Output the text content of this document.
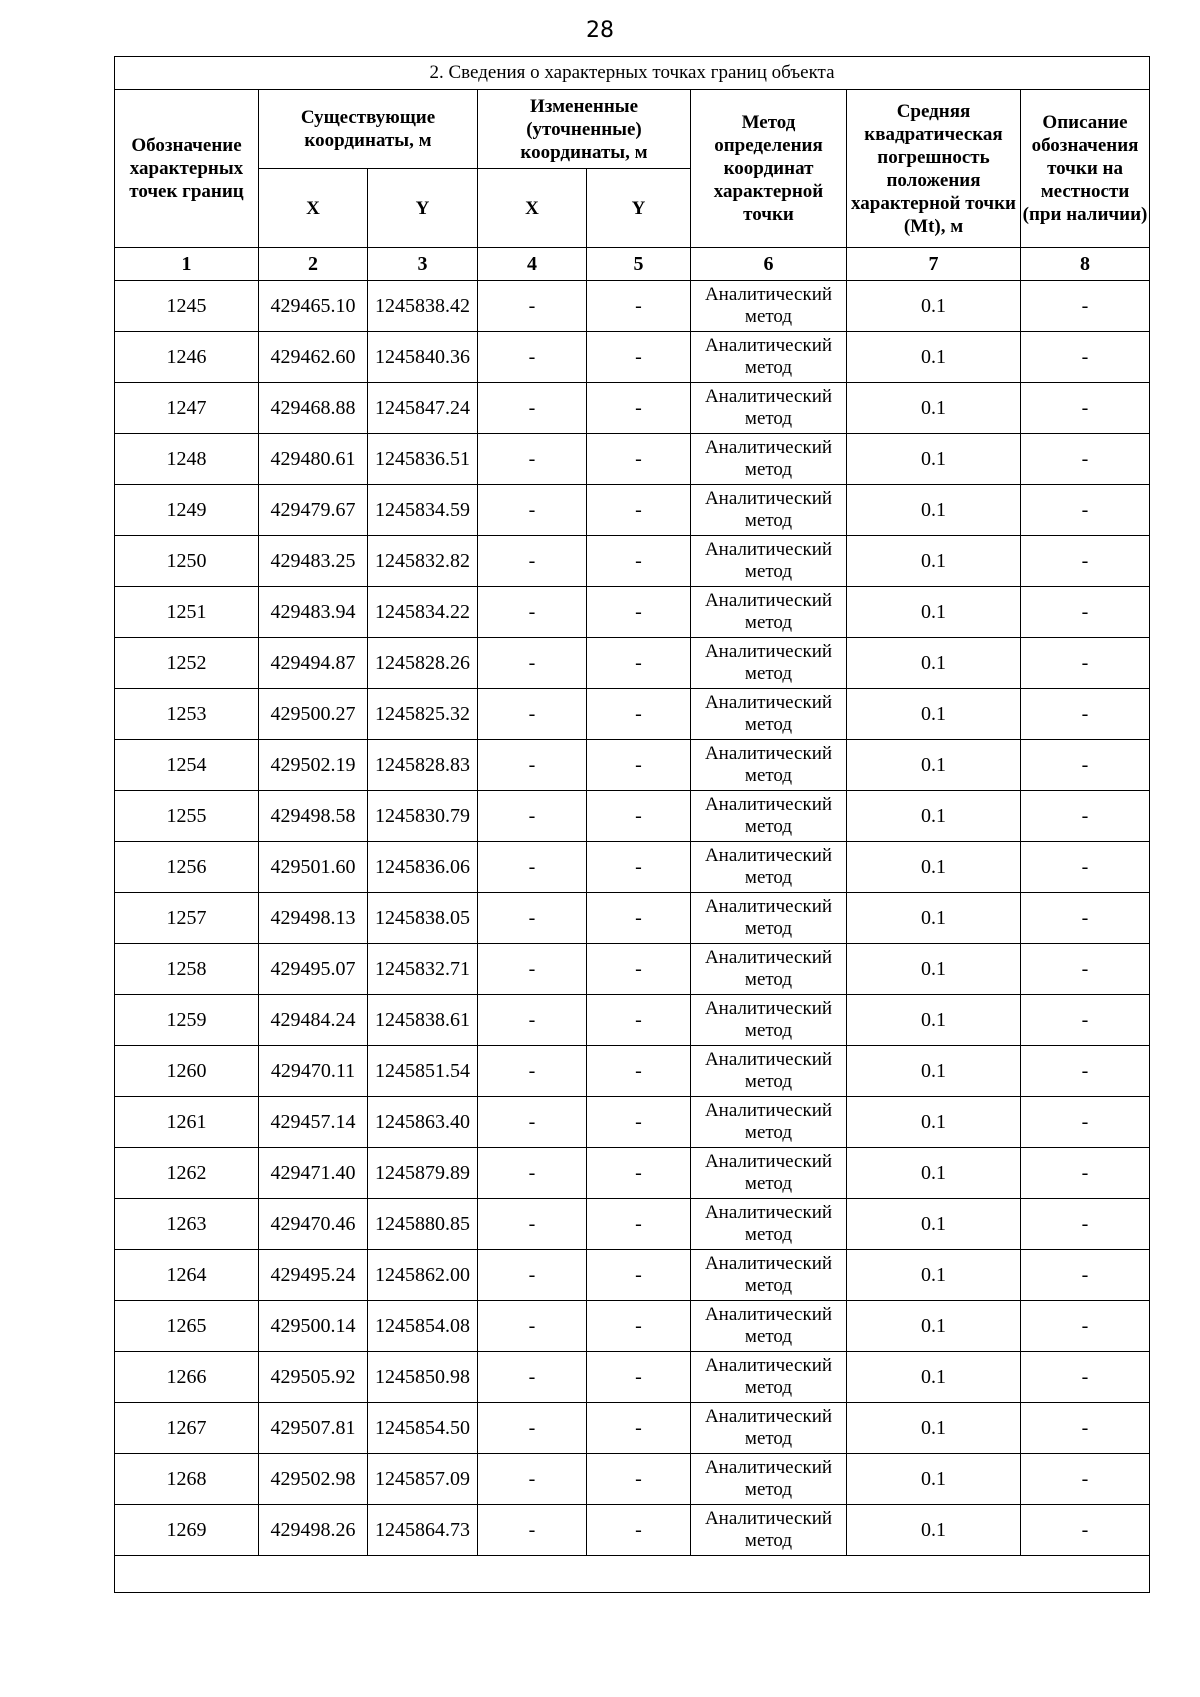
28
2. Сведения о характерных точках границ объекта							
Обозначение характерных точек границ	Существующие координаты, м		Измененные (уточненные) координаты, м		Метод определения координат характерной точки	Средняя квадратическая погрешность положения характерной точки (Mt), м	Описание обозначения точки на местности (при наличии)
	X	Y	X	Y			
1	2	3	4	5	6	7	8
1245	429465.10	1245838.42	-	-	Аналитический метод	0.1	-
1246	429462.60	1245840.36	-	-	Аналитический метод	0.1	-
1247	429468.88	1245847.24	-	-	Аналитический метод	0.1	-
1248	429480.61	1245836.51	-	-	Аналитический метод	0.1	-
1249	429479.67	1245834.59	-	-	Аналитический метод	0.1	-
1250	429483.25	1245832.82	-	-	Аналитический метод	0.1	-
1251	429483.94	1245834.22	-	-	Аналитический метод	0.1	-
1252	429494.87	1245828.26	-	-	Аналитический метод	0.1	-
1253	429500.27	1245825.32	-	-	Аналитический метод	0.1	-
1254	429502.19	1245828.83	-	-	Аналитический метод	0.1	-
1255	429498.58	1245830.79	-	-	Аналитический метод	0.1	-
1256	429501.60	1245836.06	-	-	Аналитический метод	0.1	-
1257	429498.13	1245838.05	-	-	Аналитический метод	0.1	-
1258	429495.07	1245832.71	-	-	Аналитический метод	0.1	-
1259	429484.24	1245838.61	-	-	Аналитический метод	0.1	-
1260	429470.11	1245851.54	-	-	Аналитический метод	0.1	-
1261	429457.14	1245863.40	-	-	Аналитический метод	0.1	-
1262	429471.40	1245879.89	-	-	Аналитический метод	0.1	-
1263	429470.46	1245880.85	-	-	Аналитический метод	0.1	-
1264	429495.24	1245862.00	-	-	Аналитический метод	0.1	-
1265	429500.14	1245854.08	-	-	Аналитический метод	0.1	-
1266	429505.92	1245850.98	-	-	Аналитический метод	0.1	-
1267	429507.81	1245854.50	-	-	Аналитический метод	0.1	-
1268	429502.98	1245857.09	-	-	Аналитический метод	0.1	-
1269	429498.26	1245864.73	-	-	Аналитический метод	0.1	-
